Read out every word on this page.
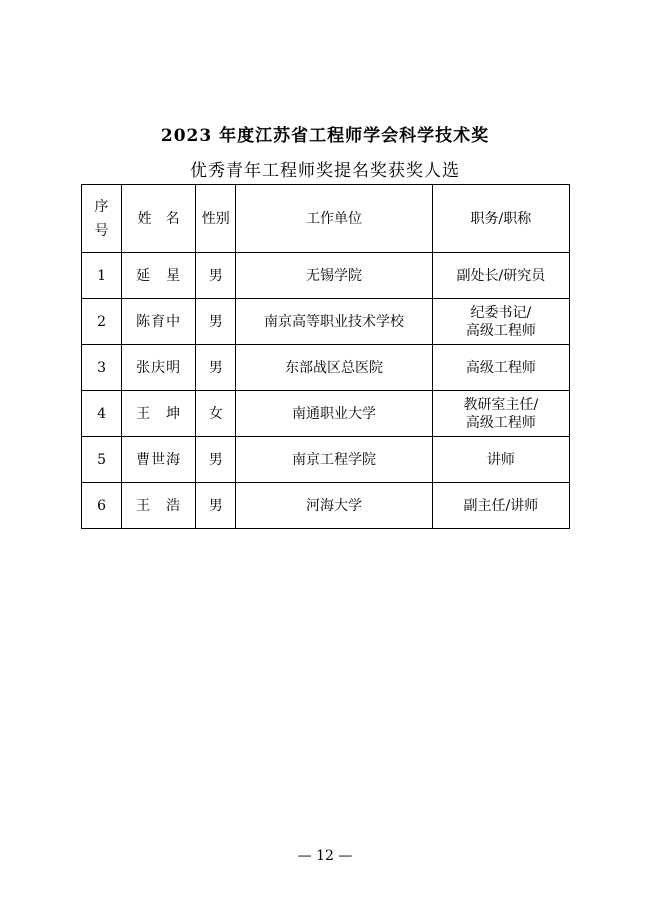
2023 年度江苏省工程师学会科学技术奖
优秀青年工程师奖提名奖获奖人选
序
号	姓　名	性别	工作单位	职务/职称
1	延　星	男	无锡学院	副处长/研究员

2	陈育中	男	南京高等职业技术学校	纪委书记/
高级工程师

3	张庆明	男	东部战区总医院	高级工程师

4	王　坤	女	南通职业大学	教研室主任/
高级工程师

5	曹世海	男	南京工程学院	讲师

6	王　浩	男	河海大学	副主任/讲师
— 12 —
